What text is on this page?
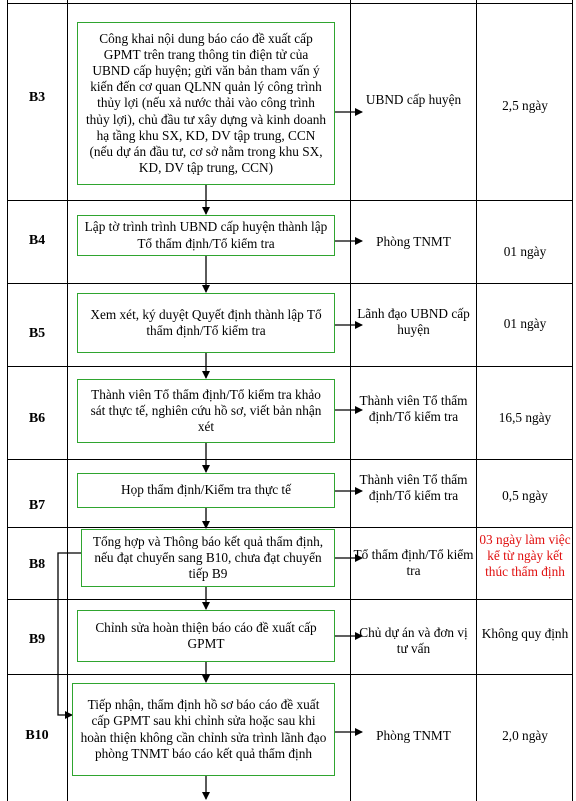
B3
B4
B5
B6
B7
B8
B9
B10
Công khai nội dung báo cáo đề xuất cấp GPMT trên trang thông tin điện tử của UBND cấp huyện; gửi văn bản tham vấn ý kiến đến cơ quan QLNN quản lý công trình thủy lợi (nếu xả nước thải vào công trình thủy lợi), chủ đầu tư xây dựng và kinh doanh hạ tầng khu SX, KD, DV tập trung, CCN (nếu dự án đầu tư, cơ sở nằm trong khu SX, KD, DV tập trung, CCN)
Lập tờ trình trình UBND cấp huyện thành lập Tổ thẩm định/Tổ kiểm tra
Xem xét, ký duyệt Quyết định thành lập Tổ thẩm định/Tổ kiểm tra
Thành viên Tổ thẩm định/Tổ kiểm tra khảo sát thực tế, nghiên cứu hồ sơ, viết bản nhận xét
Họp thẩm định/Kiểm tra thực tế
Tổng hợp và Thông báo kết quả thẩm định, nếu đạt chuyển sang B10, chưa đạt chuyển tiếp B9
Chỉnh sửa hoàn thiện báo cáo đề xuất cấp GPMT
Tiếp nhận, thẩm định hồ sơ báo cáo đề xuất cấp GPMT sau khi chỉnh sửa hoặc sau khi hoàn thiện không cần chỉnh sửa trình lãnh đạo phòng TNMT báo cáo kết quả thẩm định
UBND cấp huyện
Phòng TNMT
Lãnh đạo UBND cấp huyện
Thành viên Tổ thẩm định/Tổ kiểm tra
Thành viên Tổ thẩm định/Tổ kiểm tra
Tổ thẩm định/Tổ kiểm tra
Chủ dự án và đơn vị tư vấn
Phòng TNMT
2,5 ngày
01 ngày
01 ngày
16,5 ngày
0,5 ngày
03 ngày làm việc kể từ ngày kết thúc thẩm định
Không quy định
2,0 ngày
